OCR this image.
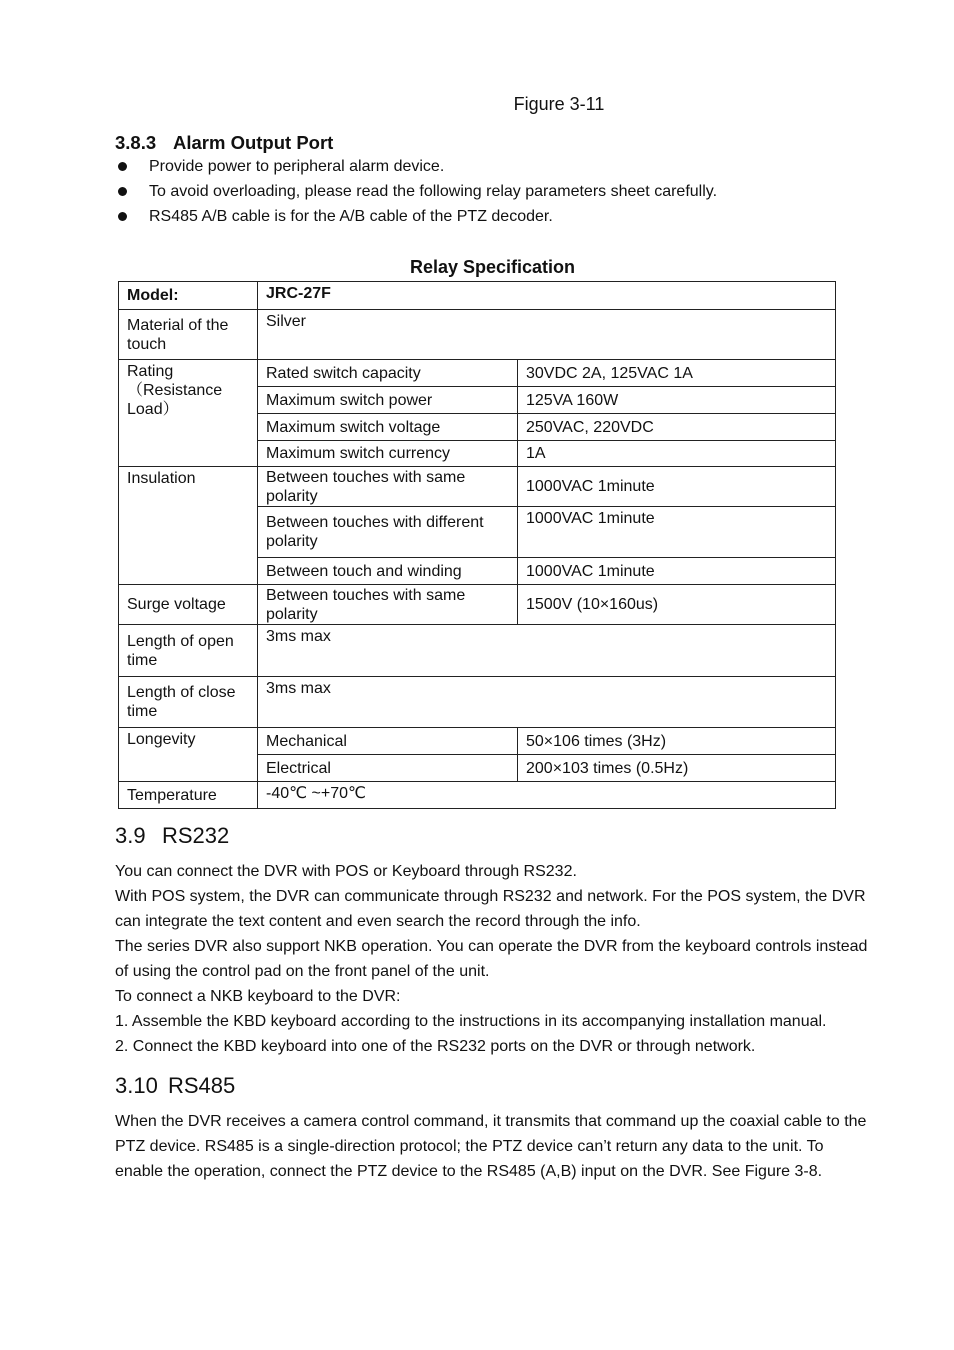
Figure 3-11
3.8.3 Alarm Output Port
Provide power to peripheral alarm device.
To avoid overloading, please read the following relay parameters sheet carefully.
RS485 A/B cable is for the A/B cable of the PTZ decoder.
Relay Specification
Model:	JRC-27F	
Material of the touch	Silver	
Rating （Resistance Load）	Rated switch capacity	30VDC 2A, 125VAC 1A
	Maximum switch power	125VA 160W
	Maximum switch voltage	250VAC, 220VDC
	Maximum switch currency	1A
Insulation	Between touches with same polarity	1000VAC 1minute
	Between touches with different polarity	1000VAC 1minute
	Between touch and winding	1000VAC 1minute
Surge voltage	Between touches with same polarity	1500V (10×160us)
Length of open time	3ms max	
Length of close time	3ms max	
Longevity	Mechanical	50×106 times (3Hz)
	Electrical	200×103 times (0.5Hz)
Temperature	-40℃ ~+70℃	
3.9 RS232

You can connect the DVR with POS or Keyboard through RS232.

With POS system, the DVR can communicate through RS232 and network. For the POS system, the DVR can integrate the text content and even search the record through the info.

The series DVR also support NKB operation. You can operate the DVR from the keyboard controls instead of using the control pad on the front panel of the unit.

To connect a NKB keyboard to the DVR:

1. Assemble the KBD keyboard according to the instructions in its accompanying installation manual.

2. Connect the KBD keyboard into one of the RS232 ports on the DVR or through network.

3.10 RS485

When the DVR receives a camera control command, it transmits that command up the coaxial cable to the PTZ device. RS485 is a single-direction protocol; the PTZ device can’t return any data to the unit. To enable the operation, connect the PTZ device to the RS485 (A,B) input on the DVR. See Figure 3-8.
